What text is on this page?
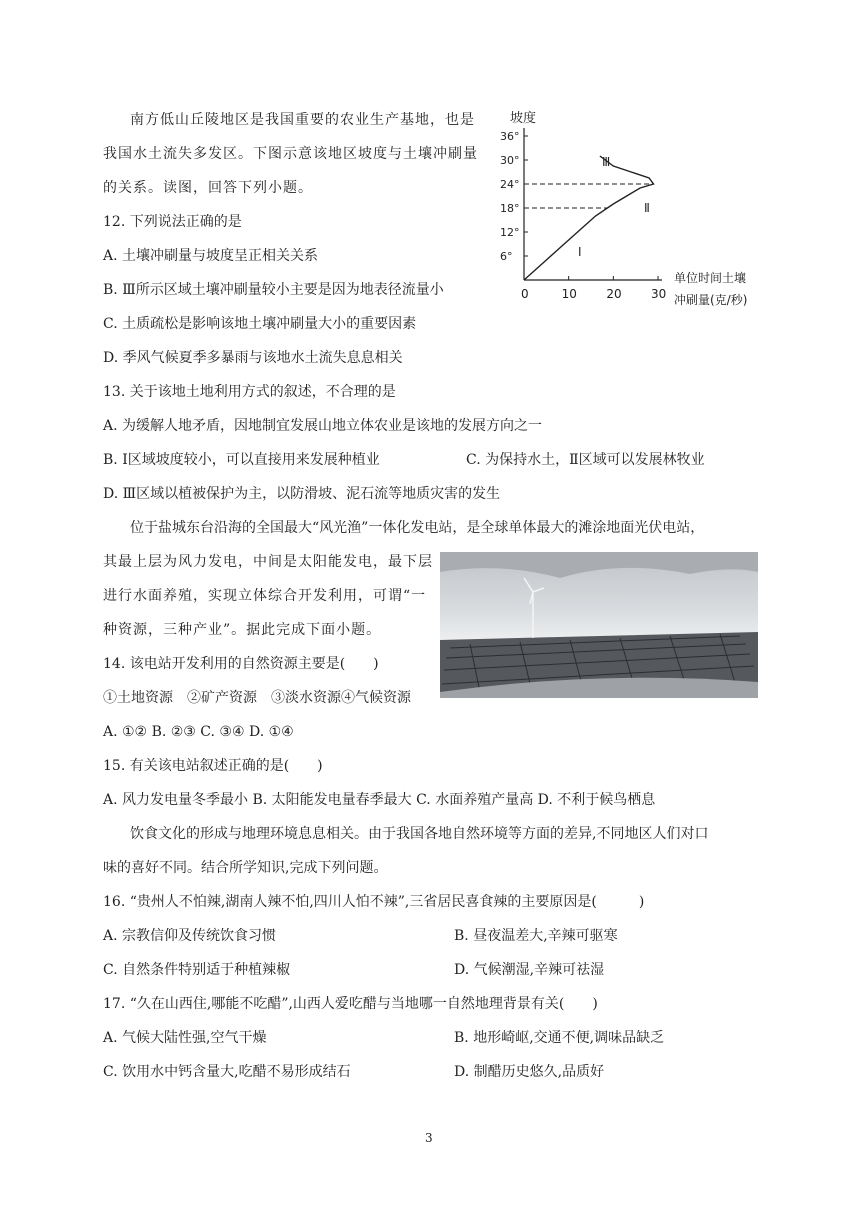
南方低山丘陵地区是我国重要的农业生产基地，也是
我国水土流失多发区。下图示意该地区坡度与土壤冲刷量
的关系。读图，回答下列小题。
12. 下列说法正确的是
A. 土壤冲刷量与坡度呈正相关关系
B. Ⅲ所示区域土壤冲刷量较小主要是因为地表径流量小
C. 土质疏松是影响该地土壤冲刷量大小的重要因素
D. 季风气候夏季多暴雨与该地水土流失息息相关
13. 关于该地土地利用方式的叙述，不合理的是
A. 为缓解人地矛盾，因地制宜发展山地立体农业是该地的发展方向之一
B. Ⅰ区域坡度较小，可以直接用来发展种植业	C. 为保持水土，Ⅱ区域可以发展林牧业
D. Ⅲ区域以植被保护为主，以防滑坡、泥石流等地质灾害的发生
坡度
0	10 20 30
6°
12°
18°
24°
30°
36°
Ⅲ
Ⅱ
Ⅰ
单位时间土壤
冲刷量(克/秒)
位于盐城东台沿海的全国最大“风光渔”一体化发电站，是全球单体最大的滩涂地面光伏电站，
其最上层为风力发电，中间是太阳能发电，最下层
进行水面养殖，实现立体综合开发利用，可谓“一
种资源，三种产业”。据此完成下面小题。
14. 该电站开发利用的自然资源主要是(　　)
①土地资源　②矿产资源　③淡水资源④气候资源
A. ①② B. ②③ C. ③④ D. ①④
15. 有关该电站叙述正确的是(　　)
A. 风力发电量冬季最小 B. 太阳能发电量春季最大 C. 水面养殖产量高 D. 不利于候鸟栖息
饮食文化的形成与地理环境息息相关。由于我国各地自然环境等方面的差异,不同地区人们对口
味的喜好不同。结合所学知识,完成下列问题。
16. “贵州人不怕辣,湖南人辣不怕,四川人怕不辣”,三省居民喜食辣的主要原因是(　　　)
A. 宗教信仰及传统饮食习惯	B. 昼夜温差大,辛辣可驱寒
C. 自然条件特别适于种植辣椒	D. 气候潮湿,辛辣可祛湿
17. “久在山西住,哪能不吃醋”,山西人爱吃醋与当地哪一自然地理背景有关(　　)
A. 气候大陆性强,空气干燥	B. 地形崎岖,交通不便,调味品缺乏
C. 饮用水中钙含量大,吃醋不易形成结石	D. 制醋历史悠久,品质好
3
